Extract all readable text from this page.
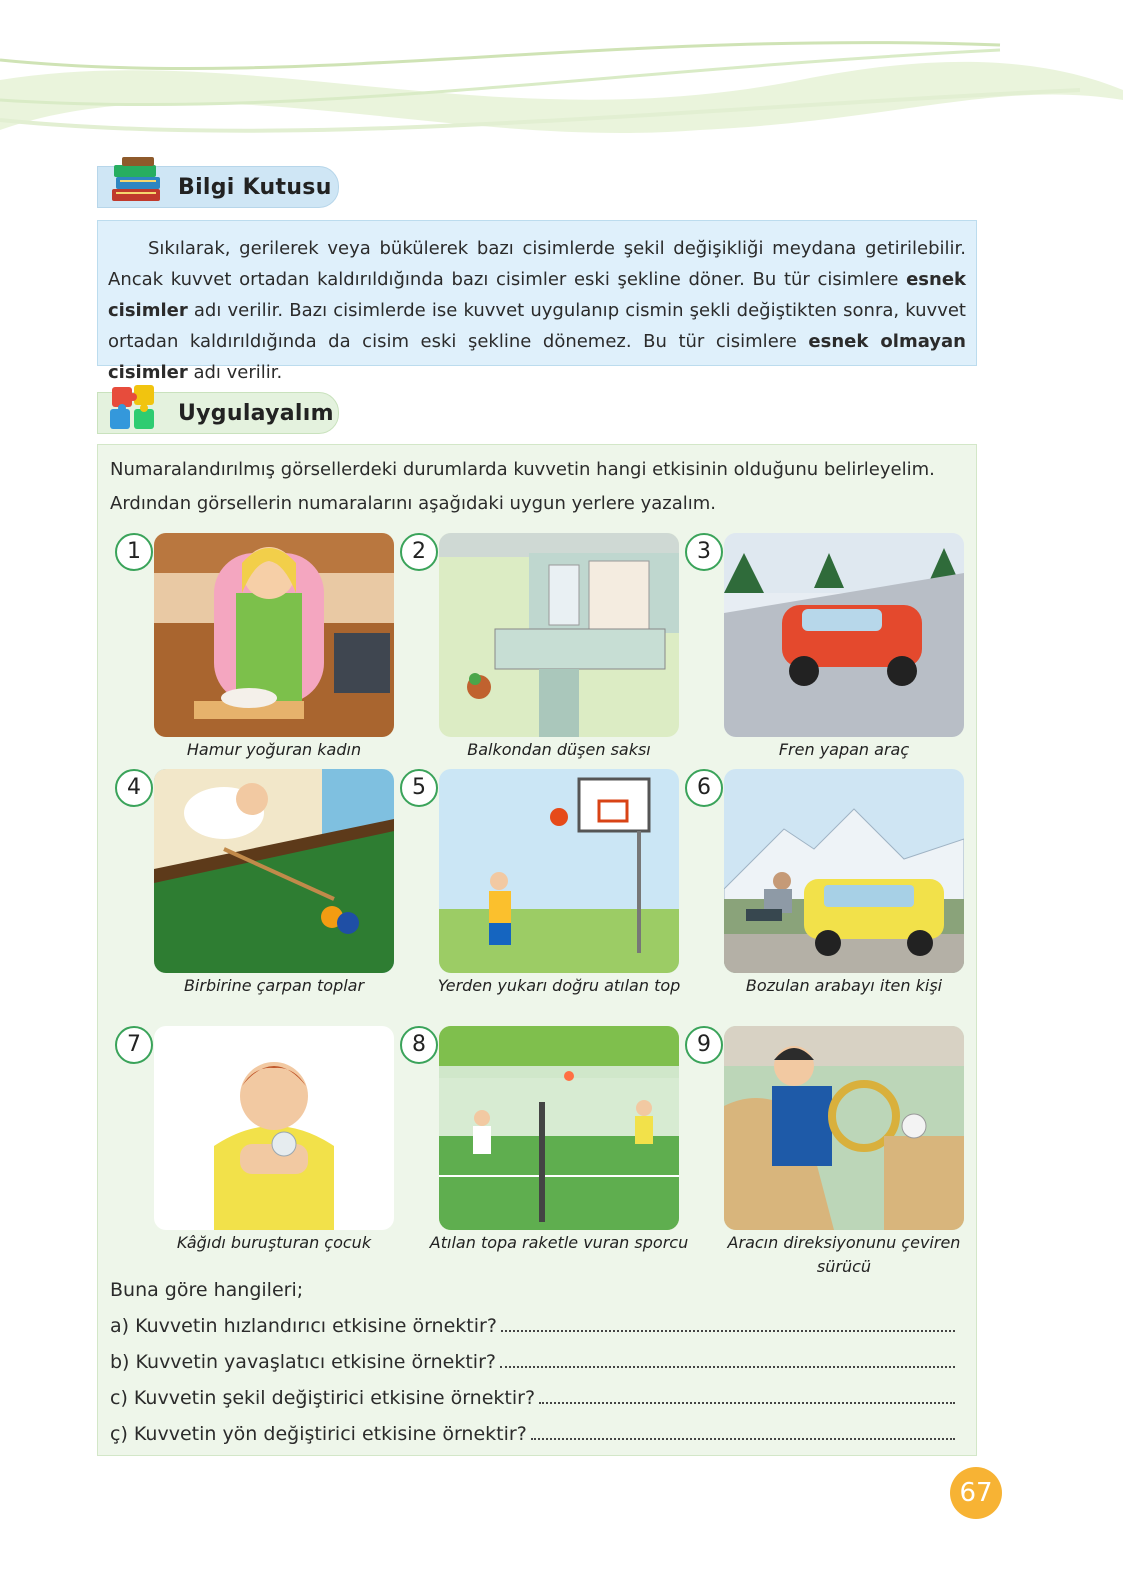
Bilgi Kutusu

Sıkılarak, gerilerek veya bükülerek bazı cisimlerde şekil değişikliği meydana getirilebilir. Ancak kuvvet ortadan kaldırıldığında bazı cisimler eski şekline döner. Bu tür cisimlere esnek cisimler adı verilir. Bazı cisimlerde ise kuvvet uygulanıp cismin şekli değiştikten sonra, kuvvet ortadan kaldırıldığında da cisim eski şekline dönemez. Bu tür cisimlere esnek olmayan cisimler adı verilir.

Uygulayalım

Numaralandırılmış görsellerdeki durumlarda kuvvetin hangi etkisinin olduğunu belirleyelim. Ardından görsellerin numaralarını aşağıdaki uygun yerlere yazalım.

1
Hamur yoğuran kadın
2
Balkondan düşen saksı
3
Fren yapan araç
4
Birbirine çarpan toplar
5
Yerden yukarı doğru atılan top
6
Bozulan arabayı iten kişi
7
Kâğıdı buruşturan çocuk
8
Atılan topa raketle vuran sporcu
9
Aracın direksiyonunu çeviren sürücü
Buna göre hangileri;
a) Kuvvetin hızlandırıcı etkisine örnektir?
b) Kuvvetin yavaşlatıcı etkisine örnektir?
c) Kuvvetin şekil değiştirici etkisine örnektir?
ç) Kuvvetin yön değiştirici etkisine örnektir?
67
